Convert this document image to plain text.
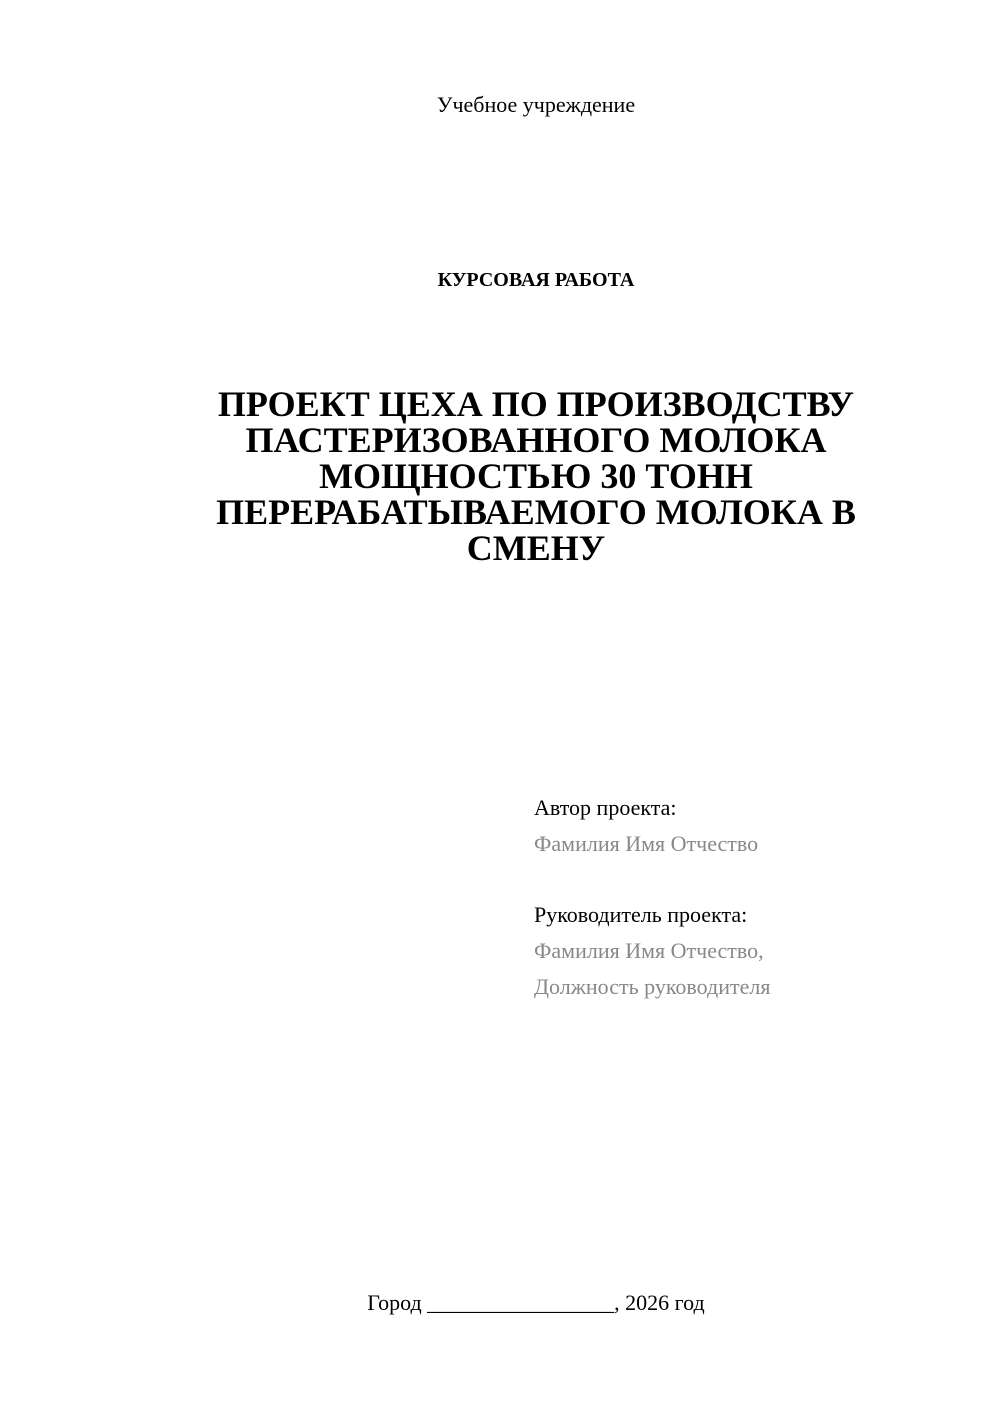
Учебное учреждение
КУРСОВАЯ РАБОТА
ПРОЕКТ ЦЕХА ПО ПРОИЗВОДСТВУ
ПАСТЕРИЗОВАННОГО МОЛОКА
МОЩНОСТЬЮ 30 ТОНН
ПЕРЕРАБАТЫВАЕМОГО МОЛОКА В
СМЕНУ
Автор проекта:
Фамилия Имя Отчество
Руководитель проекта:
Фамилия Имя Отчество,
Должность руководителя
Город _________________, 2026 год
